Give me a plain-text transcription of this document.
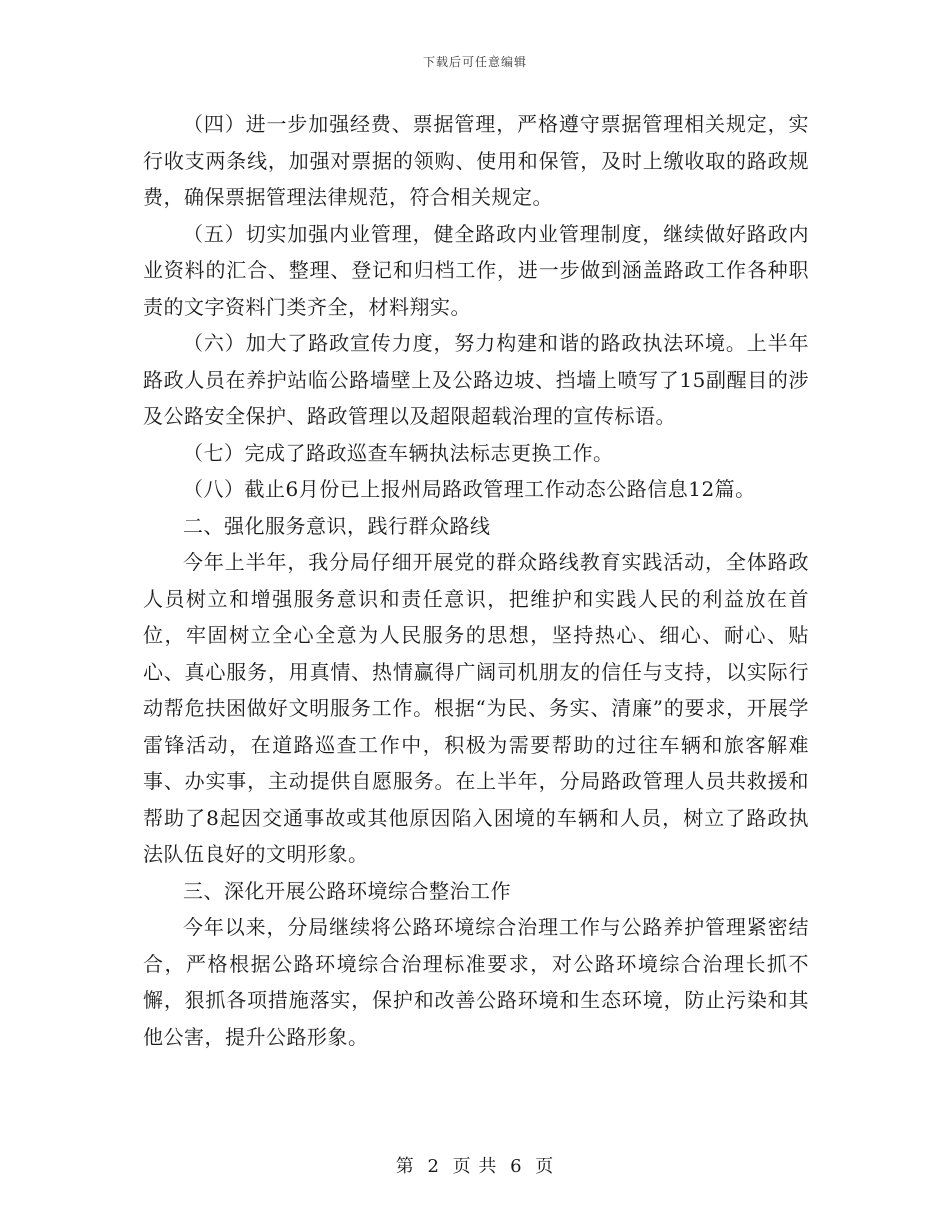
下载后可任意编辑

（四）进一步加强经费、票据管理，严格遵守票据管理相关规定，实行收支两条线，加强对票据的领购、使用和保管，及时上缴收取的路政规费，确保票据管理法律规范，符合相关规定。

（五）切实加强内业管理，健全路政内业管理制度，继续做好路政内业资料的汇合、整理、登记和归档工作，进一步做到涵盖路政工作各种职责的文字资料门类齐全，材料翔实。

（六）加大了路政宣传力度，努力构建和谐的路政执法环境。上半年路政人员在养护站临公路墙壁上及公路边坡、挡墙上喷写了15副醒目的涉及公路安全保护、路政管理以及超限超载治理的宣传标语。

（七）完成了路政巡查车辆执法标志更换工作。

（八）截止6月份已上报州局路政管理工作动态公路信息12篇。

二、强化服务意识，践行群众路线

今年上半年，我分局仔细开展党的群众路线教育实践活动，全体路政人员树立和增强服务意识和责任意识，把维护和实践人民的利益放在首位，牢固树立全心全意为人民服务的思想，坚持热心、细心、耐心、贴心、真心服务，用真情、热情赢得广阔司机朋友的信任与支持，以实际行动帮危扶困做好文明服务工作。根据“为民、务实、清廉”的要求，开展学雷锋活动，在道路巡查工作中，积极为需要帮助的过往车辆和旅客解难事、办实事，主动提供自愿服务。在上半年，分局路政管理人员共救援和帮助了8起因交通事故或其他原因陷入困境的车辆和人员，树立了路政执法队伍良好的文明形象。

三、深化开展公路环境综合整治工作

今年以来，分局继续将公路环境综合治理工作与公路养护管理紧密结合，严格根据公路环境综合治理标准要求，对公路环境综合治理长抓不懈，狠抓各项措施落实，保护和改善公路环境和生态环境，防止污染和其他公害，提升公路形象。

第 2 页 共 6 页
